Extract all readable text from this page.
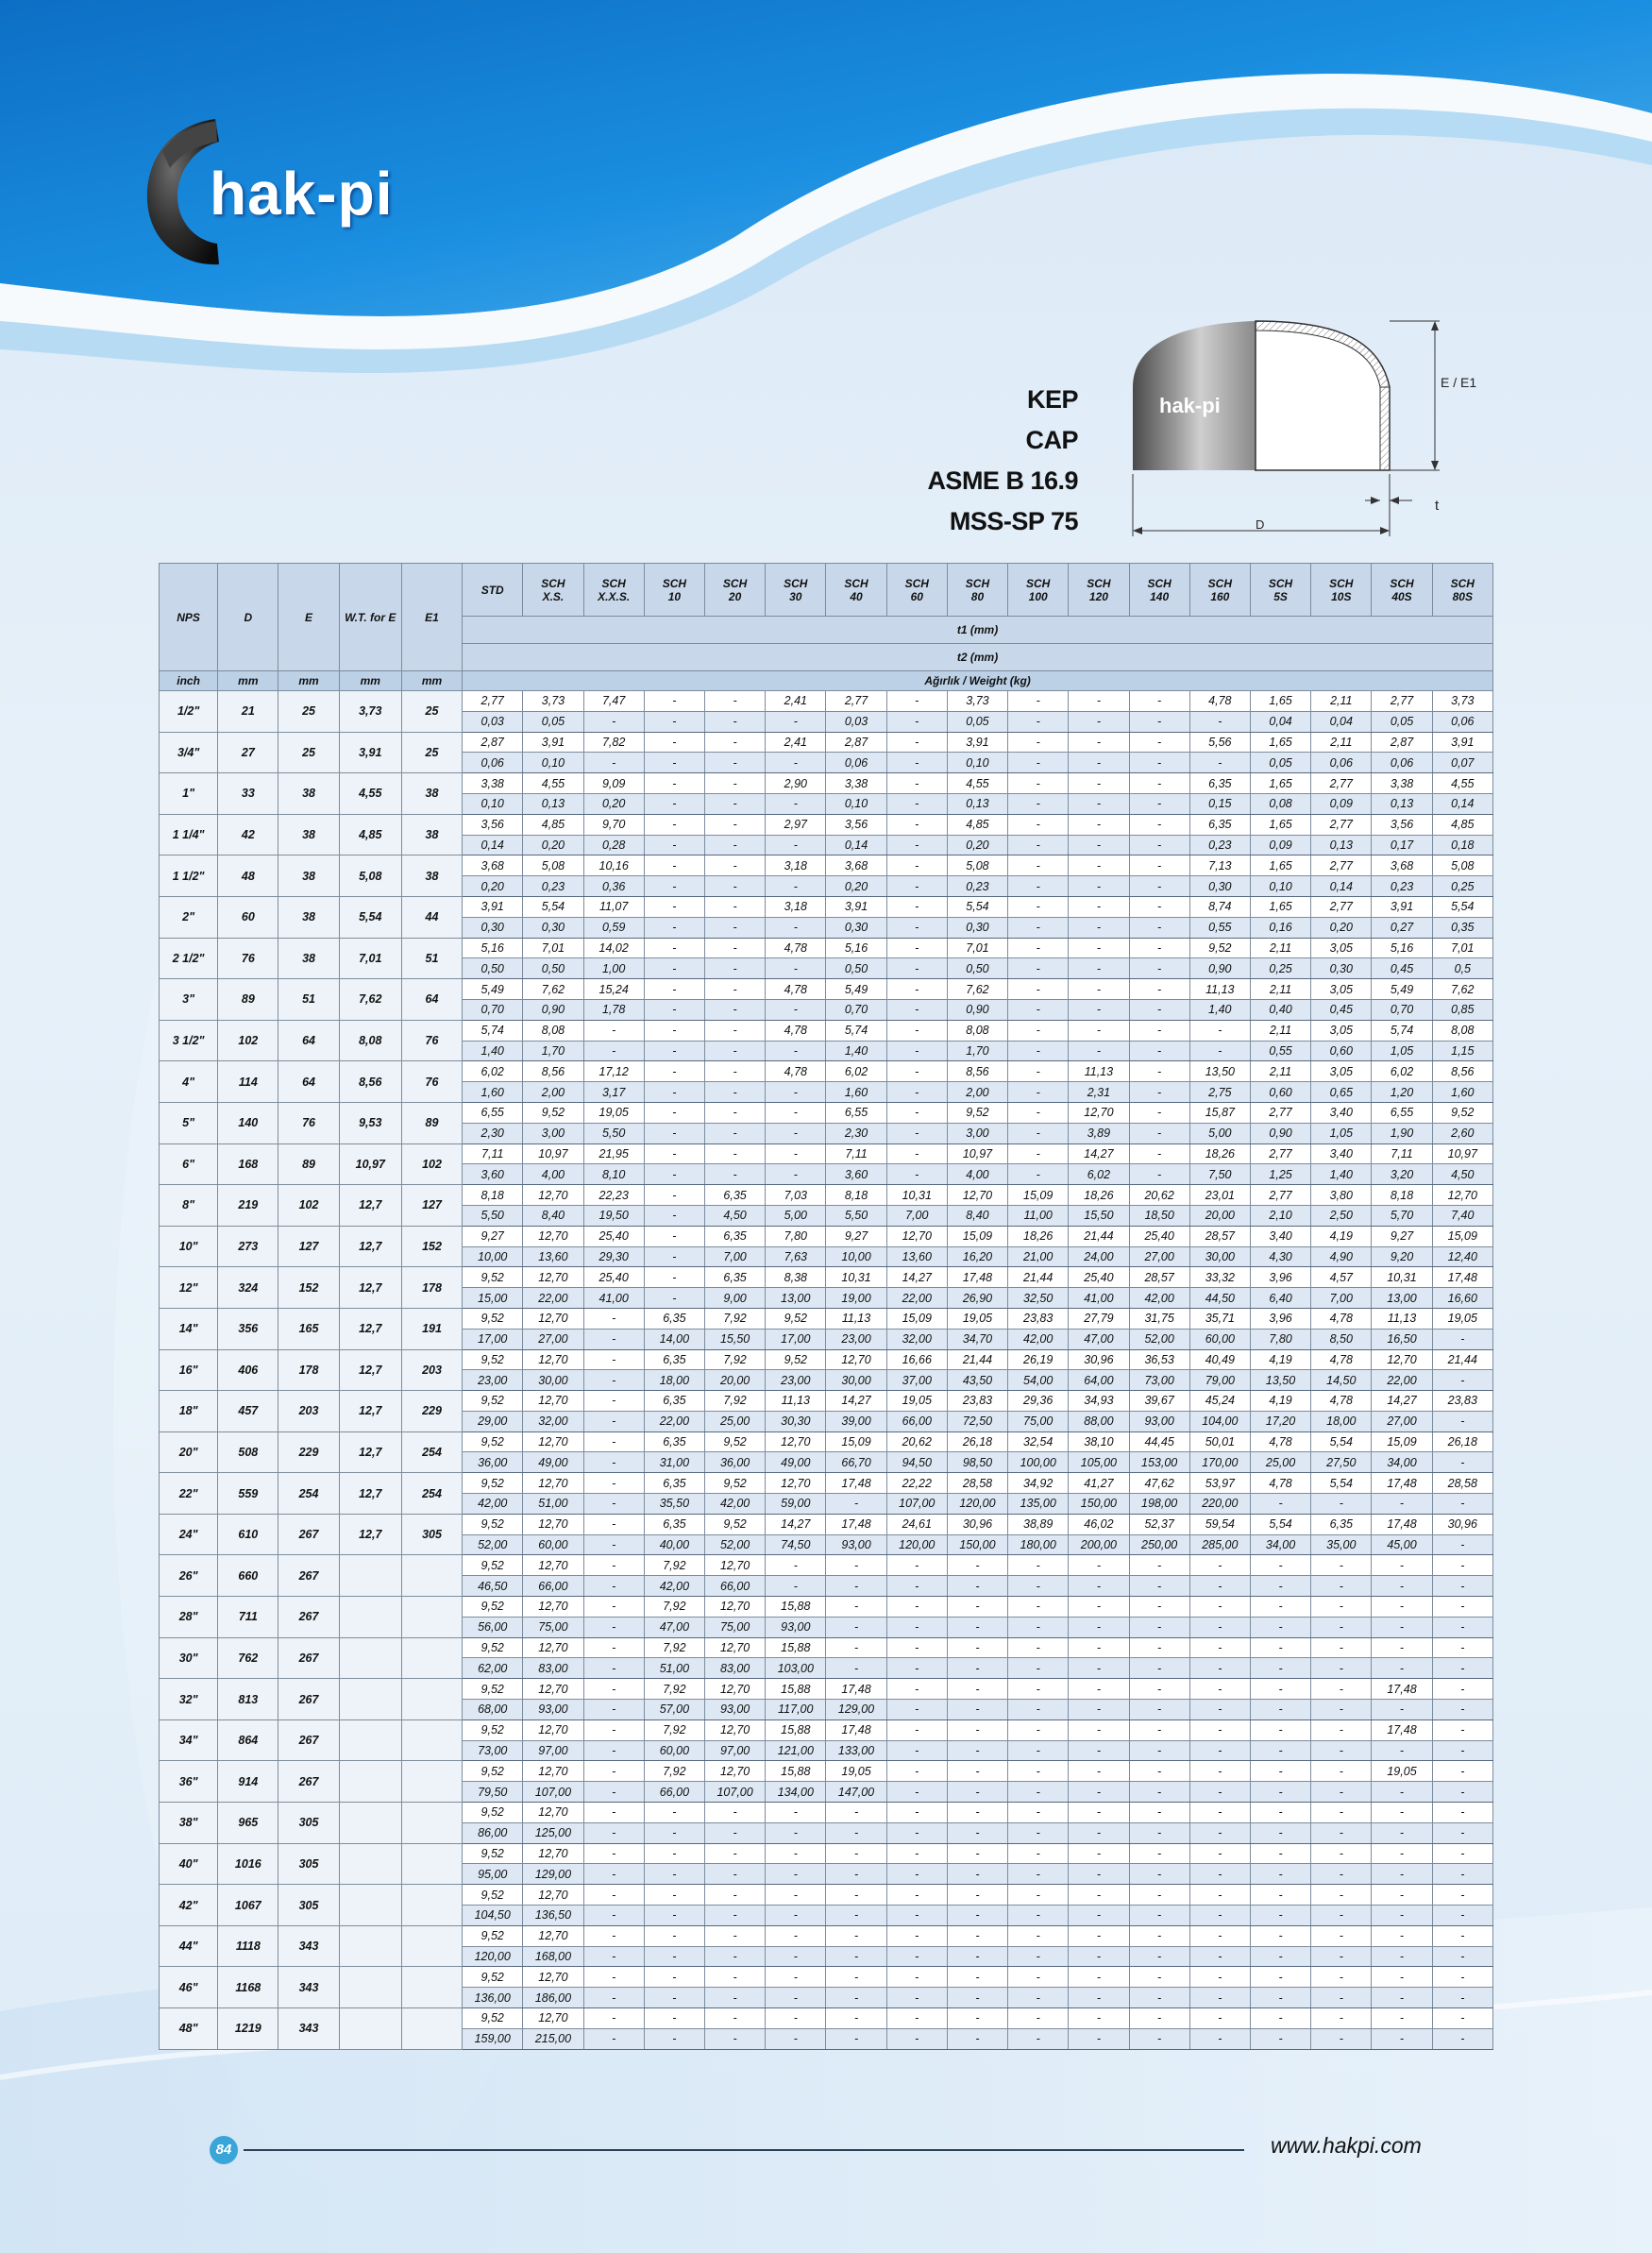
hak-pi
KEP
CAP
ASME B 16.9
MSS-SP 75
hak-pi
E / E1
D
t
NPS	D	E	W.T. for E	E1	STD	SCH X.S.	SCH X.X.S.	SCH 10	SCH 20	SCH 30	SCH 40	SCH 60	SCH 80	SCH 100	SCH 120	SCH 140	SCH 160	SCH 5S	SCH 10S	SCH 40S	SCH 80S
					t1 (mm)																
					t2 (mm)																
inch	mm	mm	mm	mm	Ağırlık / Weight (kg)																
1/2"	21	25	3,73	25	2,77	3,73	7,47	-	-	2,41	2,77	-	3,73	-	-	-	4,78	1,65	2,11	2,77	3,73
					0,03	0,05	-	-	-	-	0,03	-	0,05	-	-	-	-	0,04	0,04	0,05	0,06
3/4"	27	25	3,91	25	2,87	3,91	7,82	-	-	2,41	2,87	-	3,91	-	-	-	5,56	1,65	2,11	2,87	3,91
					0,06	0,10	-	-	-	-	0,06	-	0,10	-	-	-	-	0,05	0,06	0,06	0,07
1"	33	38	4,55	38	3,38	4,55	9,09	-	-	2,90	3,38	-	4,55	-	-	-	6,35	1,65	2,77	3,38	4,55
					0,10	0,13	0,20	-	-	-	0,10	-	0,13	-	-	-	0,15	0,08	0,09	0,13	0,14
1 1/4"	42	38	4,85	38	3,56	4,85	9,70	-	-	2,97	3,56	-	4,85	-	-	-	6,35	1,65	2,77	3,56	4,85
					0,14	0,20	0,28	-	-	-	0,14	-	0,20	-	-	-	0,23	0,09	0,13	0,17	0,18
1 1/2"	48	38	5,08	38	3,68	5,08	10,16	-	-	3,18	3,68	-	5,08	-	-	-	7,13	1,65	2,77	3,68	5,08
					0,20	0,23	0,36	-	-	-	0,20	-	0,23	-	-	-	0,30	0,10	0,14	0,23	0,25
2"	60	38	5,54	44	3,91	5,54	11,07	-	-	3,18	3,91	-	5,54	-	-	-	8,74	1,65	2,77	3,91	5,54
					0,30	0,30	0,59	-	-	-	0,30	-	0,30	-	-	-	0,55	0,16	0,20	0,27	0,35
2 1/2"	76	38	7,01	51	5,16	7,01	14,02	-	-	4,78	5,16	-	7,01	-	-	-	9,52	2,11	3,05	5,16	7,01
					0,50	0,50	1,00	-	-	-	0,50	-	0,50	-	-	-	0,90	0,25	0,30	0,45	0,5
3"	89	51	7,62	64	5,49	7,62	15,24	-	-	4,78	5,49	-	7,62	-	-	-	11,13	2,11	3,05	5,49	7,62
					0,70	0,90	1,78	-	-	-	0,70	-	0,90	-	-	-	1,40	0,40	0,45	0,70	0,85
3 1/2"	102	64	8,08	76	5,74	8,08	-	-	-	4,78	5,74	-	8,08	-	-	-	-	2,11	3,05	5,74	8,08
					1,40	1,70	-	-	-	-	1,40	-	1,70	-	-	-	-	0,55	0,60	1,05	1,15
4"	114	64	8,56	76	6,02	8,56	17,12	-	-	4,78	6,02	-	8,56	-	11,13	-	13,50	2,11	3,05	6,02	8,56
					1,60	2,00	3,17	-	-	-	1,60	-	2,00	-	2,31	-	2,75	0,60	0,65	1,20	1,60
5"	140	76	9,53	89	6,55	9,52	19,05	-	-	-	6,55	-	9,52	-	12,70	-	15,87	2,77	3,40	6,55	9,52
					2,30	3,00	5,50	-	-	-	2,30	-	3,00	-	3,89	-	5,00	0,90	1,05	1,90	2,60
6"	168	89	10,97	102	7,11	10,97	21,95	-	-	-	7,11	-	10,97	-	14,27	-	18,26	2,77	3,40	7,11	10,97
					3,60	4,00	8,10	-	-	-	3,60	-	4,00	-	6,02	-	7,50	1,25	1,40	3,20	4,50
8"	219	102	12,7	127	8,18	12,70	22,23	-	6,35	7,03	8,18	10,31	12,70	15,09	18,26	20,62	23,01	2,77	3,80	8,18	12,70
					5,50	8,40	19,50	-	4,50	5,00	5,50	7,00	8,40	11,00	15,50	18,50	20,00	2,10	2,50	5,70	7,40
10"	273	127	12,7	152	9,27	12,70	25,40	-	6,35	7,80	9,27	12,70	15,09	18,26	21,44	25,40	28,57	3,40	4,19	9,27	15,09
					10,00	13,60	29,30	-	7,00	7,63	10,00	13,60	16,20	21,00	24,00	27,00	30,00	4,30	4,90	9,20	12,40
12"	324	152	12,7	178	9,52	12,70	25,40	-	6,35	8,38	10,31	14,27	17,48	21,44	25,40	28,57	33,32	3,96	4,57	10,31	17,48
					15,00	22,00	41,00	-	9,00	13,00	19,00	22,00	26,90	32,50	41,00	42,00	44,50	6,40	7,00	13,00	16,60
14"	356	165	12,7	191	9,52	12,70	-	6,35	7,92	9,52	11,13	15,09	19,05	23,83	27,79	31,75	35,71	3,96	4,78	11,13	19,05
					17,00	27,00	-	14,00	15,50	17,00	23,00	32,00	34,70	42,00	47,00	52,00	60,00	7,80	8,50	16,50	-
16"	406	178	12,7	203	9,52	12,70	-	6,35	7,92	9,52	12,70	16,66	21,44	26,19	30,96	36,53	40,49	4,19	4,78	12,70	21,44
					23,00	30,00	-	18,00	20,00	23,00	30,00	37,00	43,50	54,00	64,00	73,00	79,00	13,50	14,50	22,00	-
18"	457	203	12,7	229	9,52	12,70	-	6,35	7,92	11,13	14,27	19,05	23,83	29,36	34,93	39,67	45,24	4,19	4,78	14,27	23,83
					29,00	32,00	-	22,00	25,00	30,30	39,00	66,00	72,50	75,00	88,00	93,00	104,00	17,20	18,00	27,00	-
20"	508	229	12,7	254	9,52	12,70	-	6,35	9,52	12,70	15,09	20,62	26,18	32,54	38,10	44,45	50,01	4,78	5,54	15,09	26,18
					36,00	49,00	-	31,00	36,00	49,00	66,70	94,50	98,50	100,00	105,00	153,00	170,00	25,00	27,50	34,00	-
22"	559	254	12,7	254	9,52	12,70	-	6,35	9,52	12,70	17,48	22,22	28,58	34,92	41,27	47,62	53,97	4,78	5,54	17,48	28,58
					42,00	51,00	-	35,50	42,00	59,00	-	107,00	120,00	135,00	150,00	198,00	220,00	-	-	-	-
24"	610	267	12,7	305	9,52	12,70	-	6,35	9,52	14,27	17,48	24,61	30,96	38,89	46,02	52,37	59,54	5,54	6,35	17,48	30,96
					52,00	60,00	-	40,00	52,00	74,50	93,00	120,00	150,00	180,00	200,00	250,00	285,00	34,00	35,00	45,00	-
26"	660	267			9,52	12,70	-	7,92	12,70	-	-	-	-	-	-	-	-	-	-	-	-
					46,50	66,00	-	42,00	66,00	-	-	-	-	-	-	-	-	-	-	-	-
28"	711	267			9,52	12,70	-	7,92	12,70	15,88	-	-	-	-	-	-	-	-	-	-	-
					56,00	75,00	-	47,00	75,00	93,00	-	-	-	-	-	-	-	-	-	-	-
30"	762	267			9,52	12,70	-	7,92	12,70	15,88	-	-	-	-	-	-	-	-	-	-	-
					62,00	83,00	-	51,00	83,00	103,00	-	-	-	-	-	-	-	-	-	-	-
32"	813	267			9,52	12,70	-	7,92	12,70	15,88	17,48	-	-	-	-	-	-	-	-	17,48	-
					68,00	93,00	-	57,00	93,00	117,00	129,00	-	-	-	-	-	-	-	-	-	-
34"	864	267			9,52	12,70	-	7,92	12,70	15,88	17,48	-	-	-	-	-	-	-	-	17,48	-
					73,00	97,00	-	60,00	97,00	121,00	133,00	-	-	-	-	-	-	-	-	-	-
36"	914	267			9,52	12,70	-	7,92	12,70	15,88	19,05	-	-	-	-	-	-	-	-	19,05	-
					79,50	107,00	-	66,00	107,00	134,00	147,00	-	-	-	-	-	-	-	-	-	-
38"	965	305			9,52	12,70	-	-	-	-	-	-	-	-	-	-	-	-	-	-	-
					86,00	125,00	-	-	-	-	-	-	-	-	-	-	-	-	-	-	-
40"	1016	305			9,52	12,70	-	-	-	-	-	-	-	-	-	-	-	-	-	-	-
					95,00	129,00	-	-	-	-	-	-	-	-	-	-	-	-	-	-	-
42"	1067	305			9,52	12,70	-	-	-	-	-	-	-	-	-	-	-	-	-	-	-
					104,50	136,50	-	-	-	-	-	-	-	-	-	-	-	-	-	-	-
44"	1118	343			9,52	12,70	-	-	-	-	-	-	-	-	-	-	-	-	-	-	-
					120,00	168,00	-	-	-	-	-	-	-	-	-	-	-	-	-	-	-
46"	1168	343			9,52	12,70	-	-	-	-	-	-	-	-	-	-	-	-	-	-	-
					136,00	186,00	-	-	-	-	-	-	-	-	-	-	-	-	-	-	-
48"	1219	343			9,52	12,70	-	-	-	-	-	-	-	-	-	-	-	-	-	-	-
					159,00	215,00	-	-	-	-	-	-	-	-	-	-	-	-	-	-	-
84	www.hakpi.com
